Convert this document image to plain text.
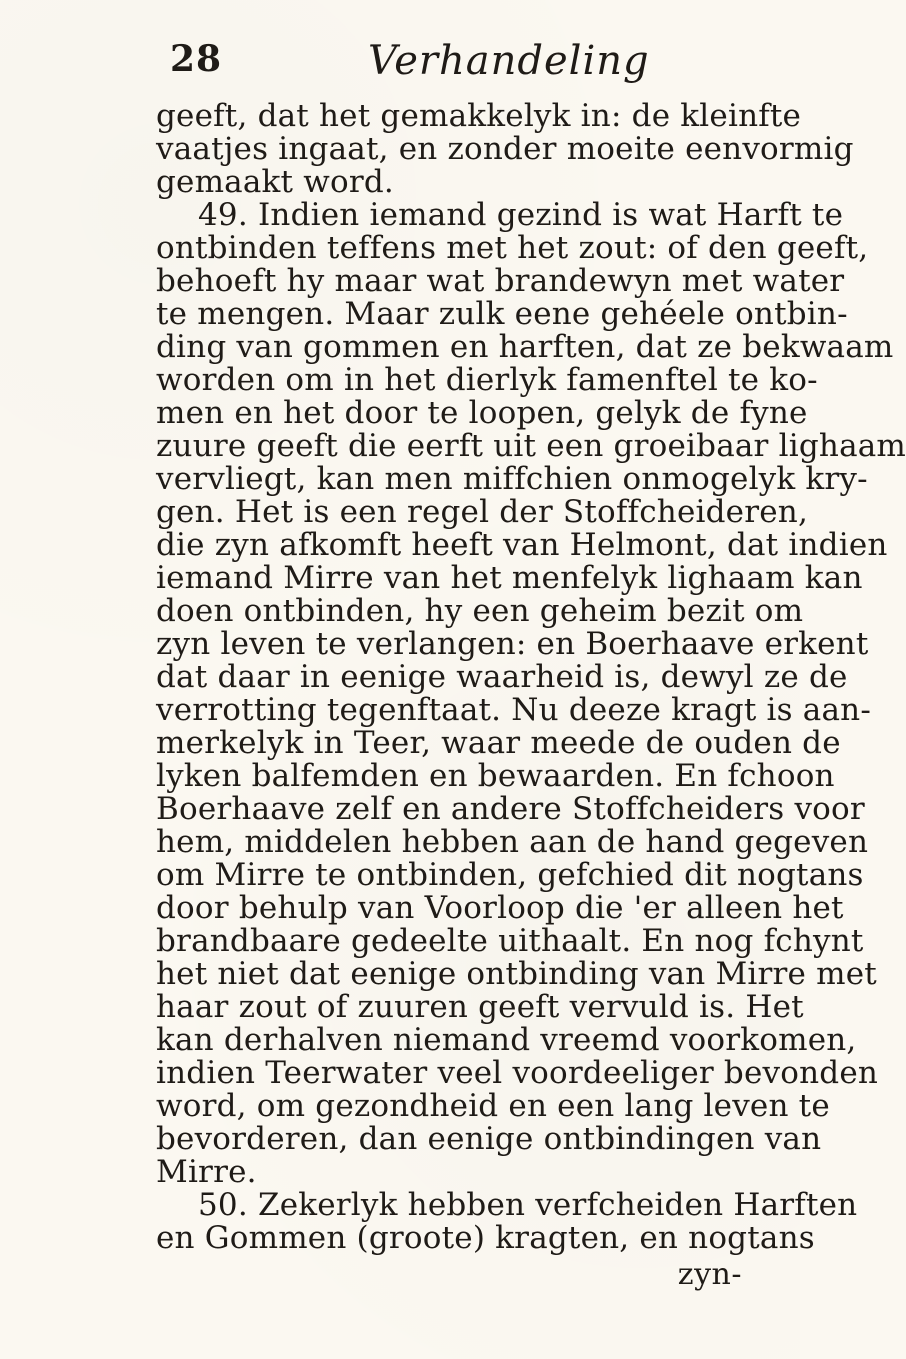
28	Verhandeling
geeft, dat het gemakkelyk in: de kleinfte
vaatjes ingaat, en zonder moeite eenvormig
gemaakt word.
49. Indien iemand gezind is wat Harft te
ontbinden teffens met het zout: of den geeft,
behoeft hy maar wat brandewyn met water
te mengen. Maar zulk eene gehéele ontbin-
ding van gommen en harften, dat ze bekwaam
worden om in het dierlyk famenftel te ko-
men en het door te loopen, gelyk de fyne
zuure geeft die eerft uit een groeibaar lighaam
vervliegt, kan men miffchien onmogelyk kry-
gen. Het is een regel der Stoffcheideren,
die zyn afkomft heeft van Helmont, dat indien
iemand Mirre van het menfelyk lighaam kan
doen ontbinden, hy een geheim bezit om
zyn leven te verlangen: en Boerhaave erkent
dat daar in eenige waarheid is, dewyl ze de
verrotting tegenftaat. Nu deeze kragt is aan-
merkelyk in Teer, waar meede de ouden de
lyken balfemden en bewaarden. En fchoon
Boerhaave zelf en andere Stoffcheiders voor
hem, middelen hebben aan de hand gegeven
om Mirre te ontbinden, gefchied dit nogtans
door behulp van Voorloop die 'er alleen het
brandbaare gedeelte uithaalt. En nog fchynt
het niet dat eenige ontbinding van Mirre met
haar zout of zuuren geeft vervuld is. Het
kan derhalven niemand vreemd voorkomen,
indien Teerwater veel voordeeliger bevonden
word, om gezondheid en een lang leven te
bevorderen, dan eenige ontbindingen van
Mirre.
50. Zekerlyk hebben verfcheiden Harften
en Gommen (groote) kragten, en nogtans
zyn-
